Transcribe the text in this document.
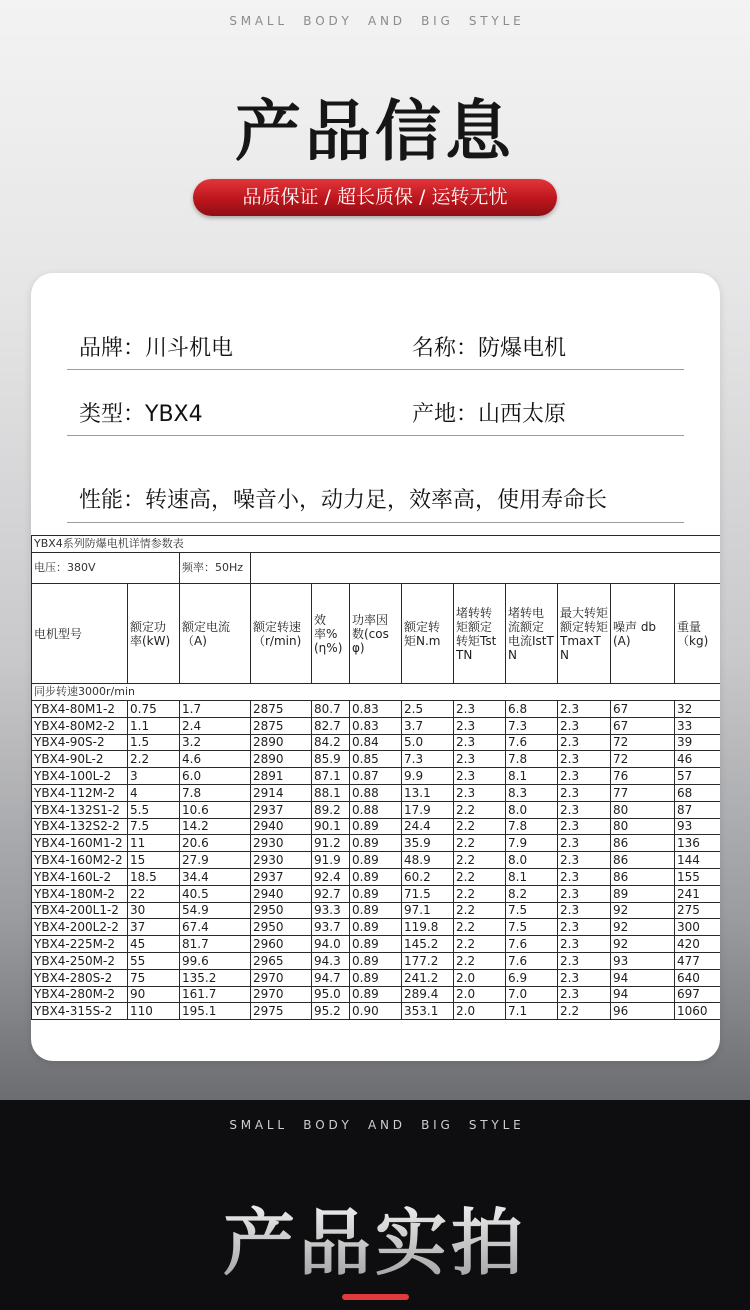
S M A L L     B O D Y     A N D     B I G     S T Y L E
产品信息
品质保证 / 超长质保 / 运转无忧
品牌：川斗机电	名称：防爆电机
类型：YBX4	产地：山西太原
性能：转速高，噪音小，动力足，效率高，使用寿命长
YBX4系列防爆电机详情参数表											
电压：380V		频率：50Hz									
电机型号	额定功率(kW)	额定电流（A)	额定转速（r/min)	效率%(η%)	功率因数(cosφ)	额定转矩N.m	堵转转矩额定转矩TstTN	堵转电流额定电流IstTN	最大转矩额定转矩TmaxTN	噪声 db(A)	重量（kg)
同步转速3000r/min											
YBX4-80M1-2	0.75	1.7	2875	80.7	0.83	2.5	2.3	6.8	2.3	67	32
YBX4-80M2-2	1.1	2.4	2875	82.7	0.83	3.7	2.3	7.3	2.3	67	33
YBX4-90S-2	1.5	3.2	2890	84.2	0.84	5.0	2.3	7.6	2.3	72	39
YBX4-90L-2	2.2	4.6	2890	85.9	0.85	7.3	2.3	7.8	2.3	72	46
YBX4-100L-2	3	6.0	2891	87.1	0.87	9.9	2.3	8.1	2.3	76	57
YBX4-112M-2	4	7.8	2914	88.1	0.88	13.1	2.3	8.3	2.3	77	68
YBX4-132S1-2	5.5	10.6	2937	89.2	0.88	17.9	2.2	8.0	2.3	80	87
YBX4-132S2-2	7.5	14.2	2940	90.1	0.89	24.4	2.2	7.8	2.3	80	93
YBX4-160M1-2	11	20.6	2930	91.2	0.89	35.9	2.2	7.9	2.3	86	136
YBX4-160M2-2	15	27.9	2930	91.9	0.89	48.9	2.2	8.0	2.3	86	144
YBX4-160L-2	18.5	34.4	2937	92.4	0.89	60.2	2.2	8.1	2.3	86	155
YBX4-180M-2	22	40.5	2940	92.7	0.89	71.5	2.2	8.2	2.3	89	241
YBX4-200L1-2	30	54.9	2950	93.3	0.89	97.1	2.2	7.5	2.3	92	275
YBX4-200L2-2	37	67.4	2950	93.7	0.89	119.8	2.2	7.5	2.3	92	300
YBX4-225M-2	45	81.7	2960	94.0	0.89	145.2	2.2	7.6	2.3	92	420
YBX4-250M-2	55	99.6	2965	94.3	0.89	177.2	2.2	7.6	2.3	93	477
YBX4-280S-2	75	135.2	2970	94.7	0.89	241.2	2.0	6.9	2.3	94	640
YBX4-280M-2	90	161.7	2970	95.0	0.89	289.4	2.0	7.0	2.3	94	697
YBX4-315S-2	110	195.1	2975	95.2	0.90	353.1	2.0	7.1	2.2	96	1060
S M A L L     B O D Y     A N D     B I G     S T Y L E
产品实拍
